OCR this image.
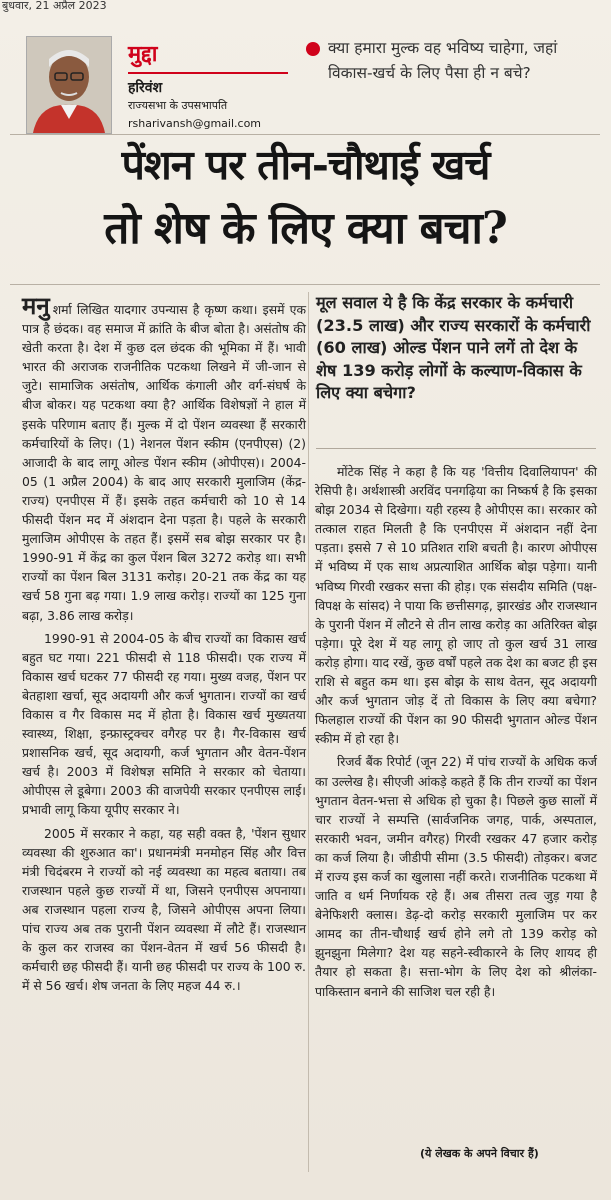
बुधवार, 21 अप्रैल 2023
मुद्दा
हरिवंश
राज्यसभा के उपसभापति
rsharivansh@gmail.com
क्या हमारा मुल्क वह भविष्य चाहेगा, जहां विकास-खर्च के लिए पैसा ही न बचे?
पेंशन पर तीन-चौथाई खर्च
तो शेष के लिए क्या बचा?

मनु शर्मा लिखित यादगार उपन्यास है कृष्ण कथा। इसमें एक पात्र है छंदक। वह समाज में क्रांति के बीज बोता है। असंतोष की खेती करता है। देश में कुछ दल छंदक की भूमिका में हैं। भावी भारत की अराजक राजनीतिक पटकथा लिखने में जी-जान से जुटे। सामाजिक असंतोष, आर्थिक कंगाली और वर्ग-संघर्ष के बीज बोकर। यह पटकथा क्या है? आर्थिक विशेषज्ञों ने हाल में इसके परिणाम बताए हैं। मुल्क में दो पेंशन व्यवस्था हैं सरकारी कर्मचारियों के लिए। (1) नेशनल पेंशन स्कीम (एनपीएस) (2) आजादी के बाद लागू ओल्ड पेंशन स्कीम (ओपीएस)। 2004-05 (1 अप्रैल 2004) के बाद आए सरकारी मुलाजिम (केंद्र-राज्य) एनपीएस में हैं। इसके तहत कर्मचारी को 10 से 14 फीसदी पेंशन मद में अंशदान देना पड़ता है। पहले के सरकारी मुलाजिम ओपीएस के तहत हैं। इसमें सब बोझ सरकार पर है। 1990-91 में केंद्र का कुल पेंशन बिल 3272 करोड़ था। सभी राज्यों का पेंशन बिल 3131 करोड़। 20-21 तक केंद्र का यह खर्च 58 गुना बढ़ गया। 1.9 लाख करोड़। राज्यों का 125 गुना बढ़ा, 3.86 लाख करोड़।

1990-91 से 2004-05 के बीच राज्यों का विकास खर्च बहुत घट गया। 221 फीसदी से 118 फीसदी। एक राज्य में विकास खर्च घटकर 77 फीसदी रह गया। मुख्य वजह, पेंशन पर बेतहाशा खर्चा, सूद अदायगी और कर्ज भुगतान। राज्यों का खर्च विकास व गैर विकास मद में होता है। विकास खर्च मुख्यतया स्वास्थ्य, शिक्षा, इन्फ्रास्ट्रक्चर वगैरह पर है। गैर-विकास खर्च प्रशासनिक खर्च, सूद अदायगी, कर्ज भुगतान और वेतन-पेंशन खर्च है। 2003 में विशेषज्ञ समिति ने सरकार को चेताया। ओपीएस ले डूबेगा। 2003 की वाजपेयी सरकार एनपीएस लाई। प्रभावी लागू किया यूपीए सरकार ने।

2005 में सरकार ने कहा, यह सही वक्त है, 'पेंशन सुधार व्यवस्था की शुरुआत का'। प्रधानमंत्री मनमोहन सिंह और वित्त मंत्री चिदंबरम ने राज्यों को नई व्यवस्था का महत्व बताया। तब राजस्थान पहले कुछ राज्यों में था, जिसने एनपीएस अपनाया। अब राजस्थान पहला राज्य है, जिसने ओपीएस अपना लिया। पांच राज्य अब तक पुरानी पेंशन व्यवस्था में लौटे हैं। राजस्थान के कुल कर राजस्व का पेंशन-वेतन में खर्च 56 फीसदी है। कर्मचारी छह फीसदी हैं। यानी छह फीसदी पर राज्य के 100 रु. में से 56 खर्च। शेष जनता के लिए महज 44 रु.।

मूल सवाल ये है कि केंद्र सरकार के कर्मचारी (23.5 लाख) और राज्य सरकारों के कर्मचारी (60 लाख) ओल्ड पेंशन पाने लगें तो देश के शेष 139 करोड़ लोगों के कल्याण-विकास के लिए क्या बचेगा?

मोंटेक सिंह ने कहा है कि यह 'वित्तीय दिवालियापन' की रेसिपी है। अर्थशास्त्री अरविंद पनगढ़िया का निष्कर्ष है कि इसका बोझ 2034 से दिखेगा। यही रहस्य है ओपीएस का। सरकार को तत्काल राहत मिलती है कि एनपीएस में अंशदान नहीं देना पड़ता। इससे 7 से 10 प्रतिशत राशि बचती है। कारण ओपीएस में भविष्य में एक साथ अप्रत्याशित आर्थिक बोझ पड़ेगा। यानी भविष्य गिरवी रखकर सत्ता की होड़। एक संसदीय समिति (पक्ष-विपक्ष के सांसद) ने पाया कि छत्तीसगढ़, झारखंड और राजस्थान के पुरानी पेंशन में लौटने से तीन लाख करोड़ का अतिरिक्त बोझ पड़ेगा। पूरे देश में यह लागू हो जाए तो कुल खर्च 31 लाख करोड़ होगा। याद रखें, कुछ वर्षों पहले तक देश का बजट ही इस राशि से बहुत कम था। इस बोझ के साथ वेतन, सूद अदायगी और कर्ज भुगतान जोड़ दें तो विकास के लिए क्या बचेगा? फिलहाल राज्यों की पेंशन का 90 फीसदी भुगतान ओल्ड पेंशन स्कीम में हो रहा है।

रिजर्व बैंक रिपोर्ट (जून 22) में पांच राज्यों के अधिक कर्ज का उल्लेख है। सीएजी आंकड़े कहते हैं कि तीन राज्यों का पेंशन भुगतान वेतन-भत्ता से अधिक हो चुका है। पिछले कुछ सालों में चार राज्यों ने सम्पत्ति (सार्वजनिक जगह, पार्क, अस्पताल, सरकारी भवन, जमीन वगैरह) गिरवी रखकर 47 हजार करोड़ का कर्ज लिया है। जीडीपी सीमा (3.5 फीसदी) तोड़कर। बजट में राज्य इस कर्ज का खुलासा नहीं करते। राजनीतिक पटकथा में जाति व धर्म निर्णायक रहे हैं। अब तीसरा तत्व जुड़ गया है बेनेफिशरी क्लास। डेढ़-दो करोड़ सरकारी मुलाजिम पर कर आमद का तीन-चौथाई खर्च होने लगे तो 139 करोड़ को झुनझुना मिलेगा? देश यह सहने-स्वीकारने के लिए शायद ही तैयार हो सकता है। सत्ता-भोग के लिए देश को श्रीलंका-पाकिस्तान बनाने की साजिश चल रही है।

(ये लेखक के अपने विचार हैं)
